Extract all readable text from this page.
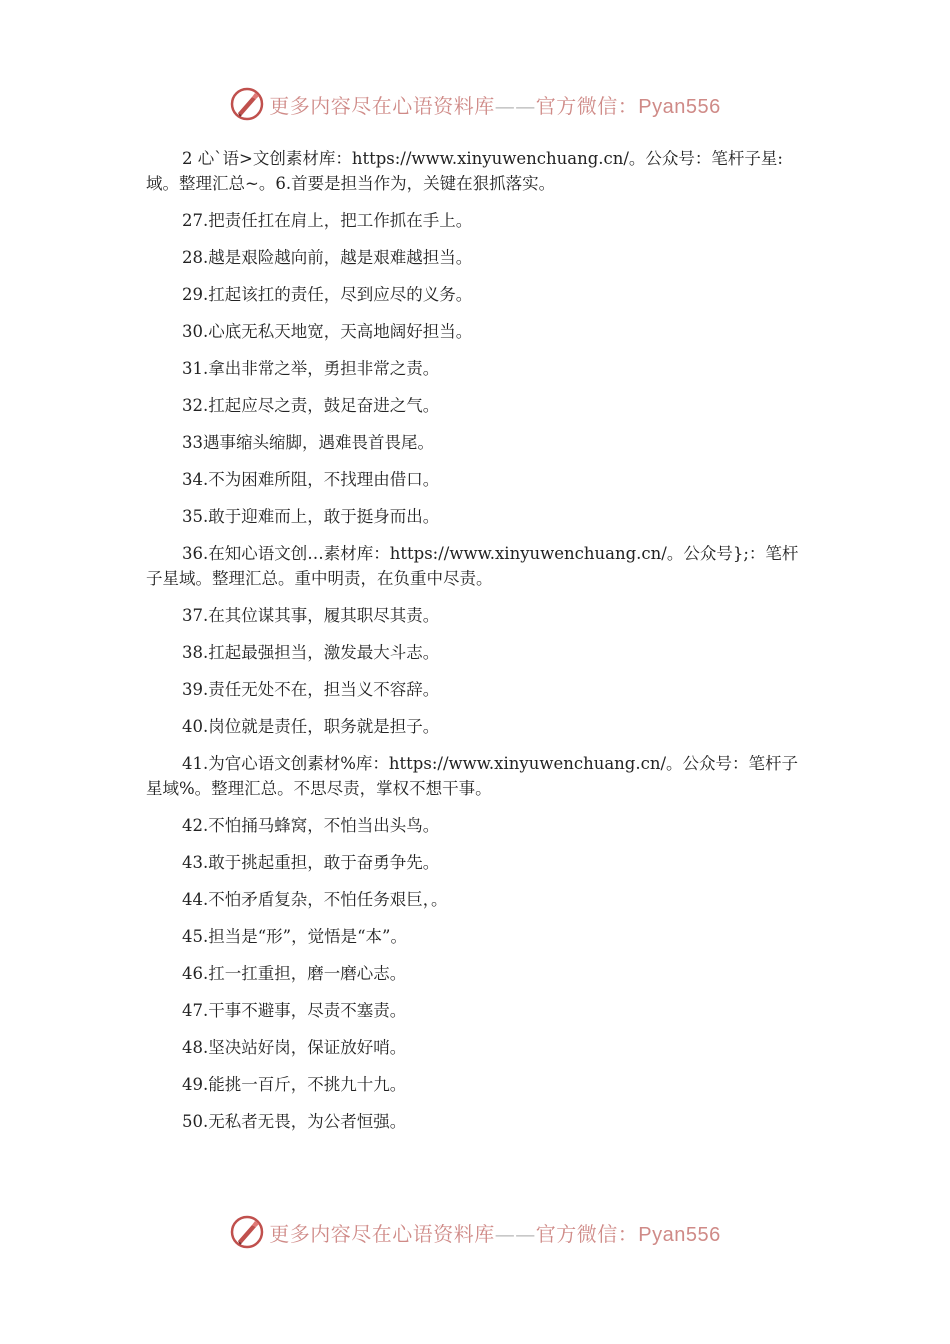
更多内容尽在心语资料库——官方微信：Pyan556

2 心`语>文创素材库：https://www.xinyuwenchuang.cn/。公众号：笔杆子星:域。整理汇总~。6.首要是担当作为，关键在狠抓落实。

27.把责任扛在肩上，把工作抓在手上。

28.越是艰险越向前，越是艰难越担当。

29.扛起该扛的责任，尽到应尽的义务。

30.心底无私天地宽，天高地阔好担当。

31.拿出非常之举，勇担非常之责。

32.扛起应尽之责，鼓足奋进之气。

33遇事缩头缩脚，遇难畏首畏尾。

34.不为困难所阻，不找理由借口。

35.敢于迎难而上，敢于挺身而出。

36.在知心语文创…素材库：https://www.xinyuwenchuang.cn/。公众号};：笔杆子星域。整理汇总。重中明责，在负重中尽责。

37.在其位谋其事，履其职尽其责。

38.扛起最强担当，激发最大斗志。

39.责任无处不在，担当义不容辞。

40.岗位就是责任，职务就是担子。

41.为官心语文创素材%库：https://www.xinyuwenchuang.cn/。公众号：笔杆子星域%。整理汇总。不思尽责，掌权不想干事。

42.不怕捅马蜂窝，不怕当出头鸟。

43.敢于挑起重担，敢于奋勇争先。

44.不怕矛盾复杂，不怕任务艰巨，。

45.担当是“形”，觉悟是“本”。

46.扛一扛重担，磨一磨心志。

47.干事不避事，尽责不塞责。

48.坚决站好岗，保证放好哨。

49.能挑一百斤，不挑九十九。

50.无私者无畏，为公者恒强。

更多内容尽在心语资料库——官方微信：Pyan556
